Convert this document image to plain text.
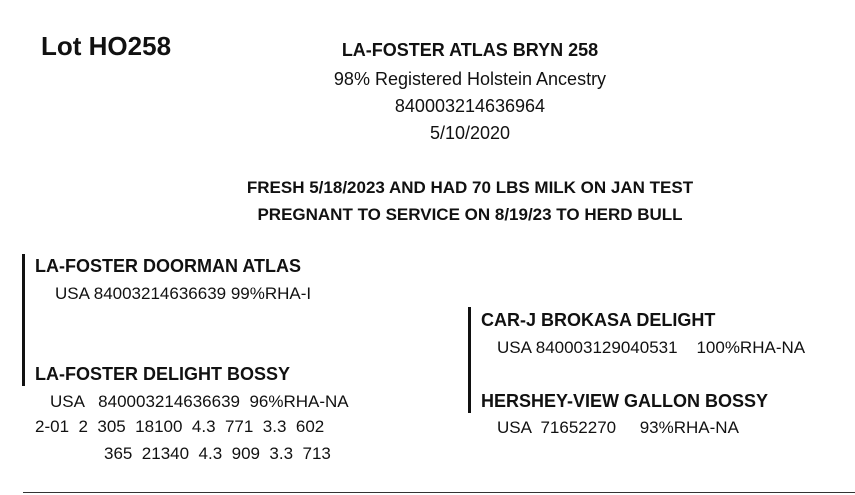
Lot HO258	LA-FOSTER ATLAS BRYN 258
98% Registered Holstein Ancestry
840003214636964
5/10/2020
FRESH 5/18/2023 AND HAD 70 LBS MILK ON JAN TEST
PREGNANT TO SERVICE ON 8/19/23 TO HERD BULL
LA-FOSTER DOORMAN ATLAS
USA 84003214636639 99%RHA-I
LA-FOSTER DELIGHT BOSSY
USA   840003214636639  96%RHA-NA
2-01  2  305  18100  4.3  771  3.3  602
365  21340  4.3  909  3.3  713
CAR-J BROKASA DELIGHT
USA 840003129040531    100%RHA-NA
HERSHEY-VIEW GALLON BOSSY
USA  71652270     93%RHA-NA
